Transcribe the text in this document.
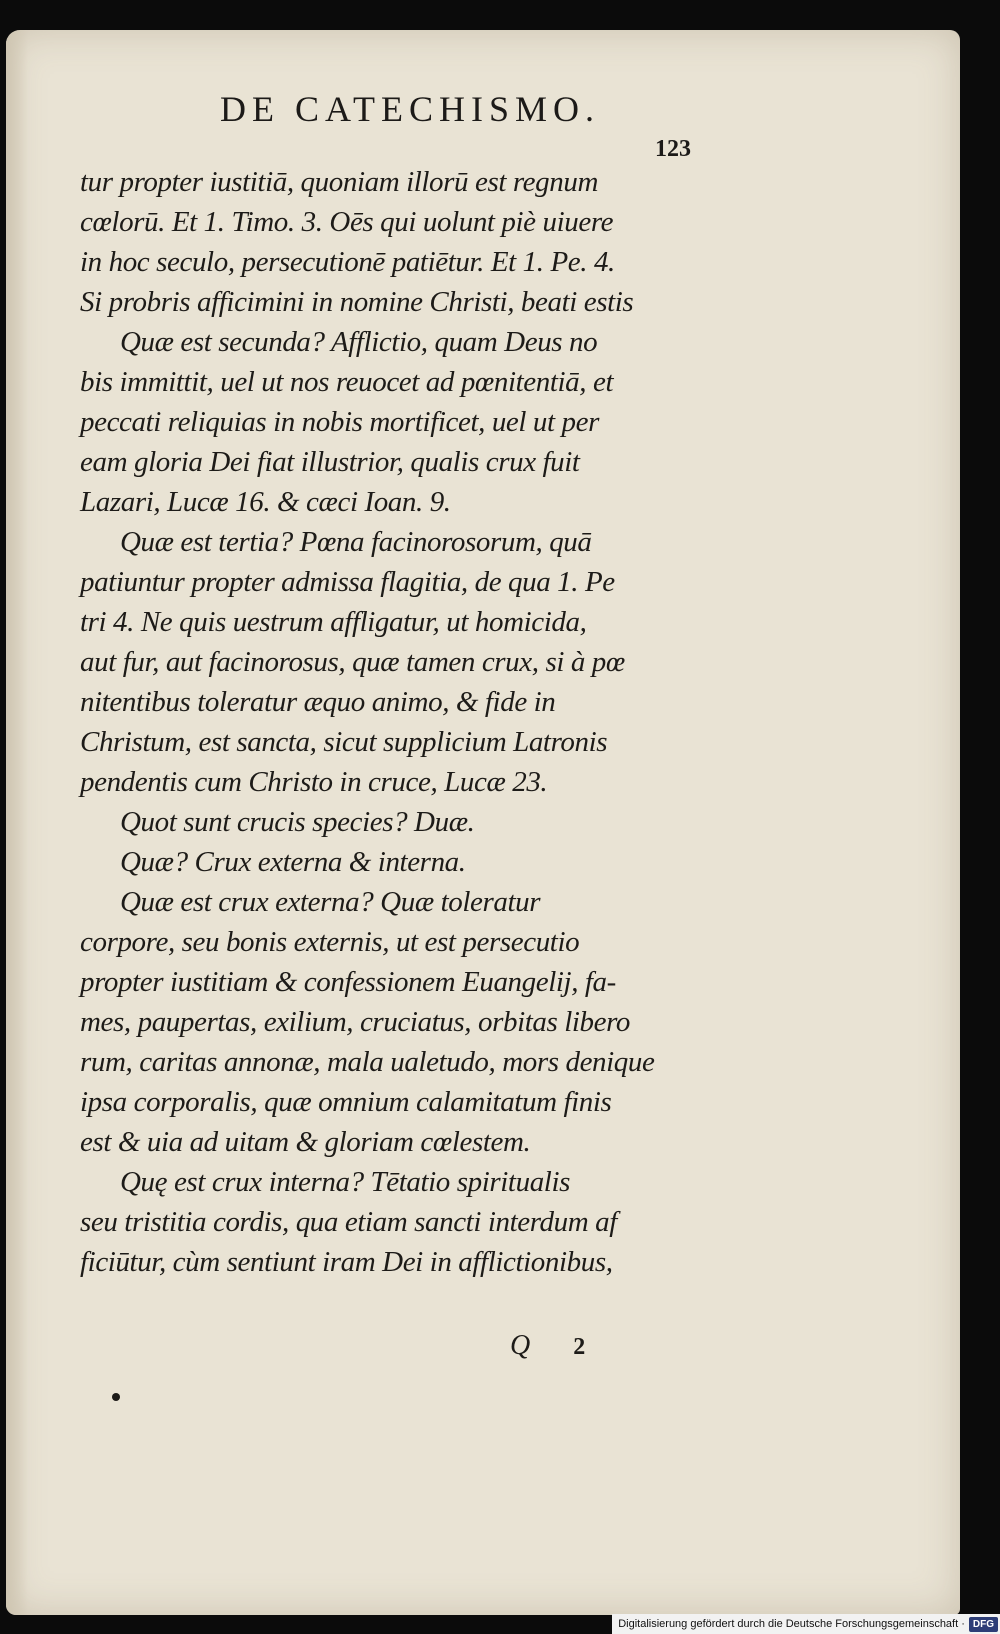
DE CATECHISMO.
123
tur propter iustitiā, quoniam illorū est regnum
cœlorū. Et 1. Timo. 3. Oēs qui uolunt piè uiuere
in hoc seculo, persecutionē patiētur. Et 1. Pe. 4.
Si probris afficimini in nomine Christi, beati estis
Quæ est secunda? Afflictio, quam Deus no
bis immittit, uel ut nos reuocet ad pœnitentiā, et
peccati reliquias in nobis mortificet, uel ut per
eam gloria Dei fiat illustrior, qualis crux fuit
Lazari, Lucæ 16. & cæci Ioan. 9.
Quæ est tertia? Pœna facinorosorum, quā
patiuntur propter admissa flagitia, de qua 1. Pe
tri 4. Ne quis uestrum affligatur, ut homicida,
aut fur, aut facinorosus, quæ tamen crux, si à pœ
nitentibus toleratur æquo animo, & fide in
Christum, est sancta, sicut supplicium Latronis
pendentis cum Christo in cruce, Lucæ 23.
Quot sunt crucis species? Duæ.
Quæ? Crux externa & interna.
Quæ est crux externa? Quæ toleratur
corpore, seu bonis externis, ut est persecutio
propter iustitiam & confessionem Euangelij, fa-
mes, paupertas, exilium, cruciatus, orbitas libero
rum, caritas annonæ, mala ualetudo, mors denique
ipsa corporalis, quæ omnium calamitatum finis
est & uia ad uitam & gloriam cœlestem.
Quę est crux interna? Tētatio spiritualis
seu tristitia cordis, qua etiam sancti interdum af
ficiūtur, cùm sentiunt iram Dei in afflictionibus,
Q 2
Digitalisierung gefördert durch die Deutsche Forschungsgemeinschaft · DFG
